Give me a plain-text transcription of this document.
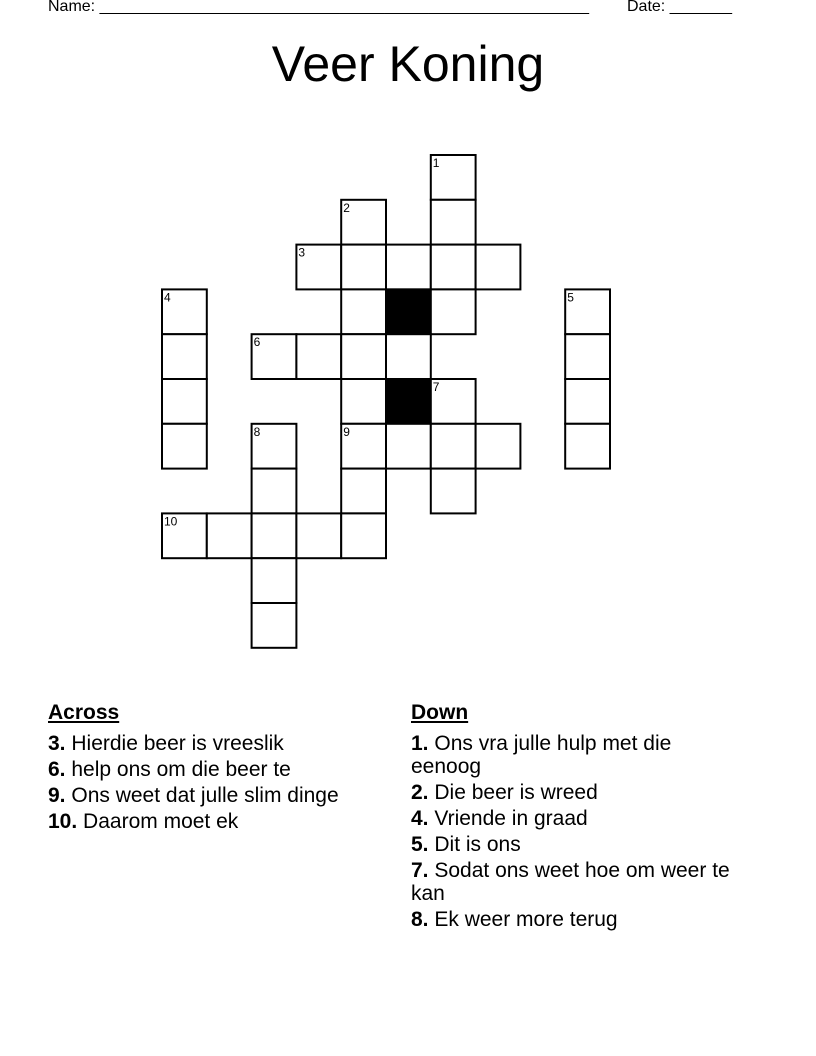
Name: _______________________________________________________ Date: _______
Veer Koning
1
2
3
4	5
6
7
8	9
10
Across
3. Hierdie beer is vreeslik
6. help ons om die beer te
9. Ons weet dat julle slim dinge
10. Daarom moet ek
Down
1. Ons vra julle hulp met die eenoog
2. Die beer is wreed
4. Vriende in graad
5. Dit is ons
7. Sodat ons weet hoe om weer te kan
8. Ek weer more terug
